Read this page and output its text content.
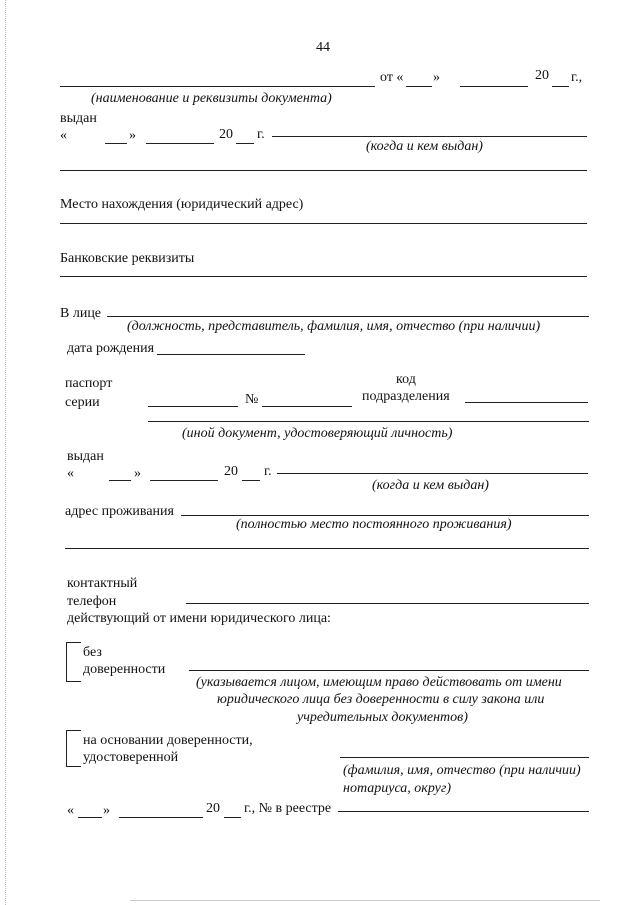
44
от « »	20 г.,
(наименование и реквизиты документа)
выдан
«	»	20 г.
(когда и кем выдан)
Место нахождения (юридический адрес)
Банковские реквизиты
В лице
(должность, представитель, фамилия, имя, отчество (при наличии)
дата рождения
паспорт
серии	№
код
подразделения
(иной документ, удостоверяющий личность)
выдан
«	»	20 г.
(когда и кем выдан)
адрес проживания
(полностью место постоянного проживания)
контактный
телефон
действующий от имени юридического лица:
без
доверенности
(указывается лицом, имеющим право действовать от имени
юридического лица без доверенности в силу закона или
учредительных документов)
на основании доверенности,
удостоверенной
(фамилия, имя, отчество (при наличии)
нотариуса, округ)
« »	20 г., № в реестре
